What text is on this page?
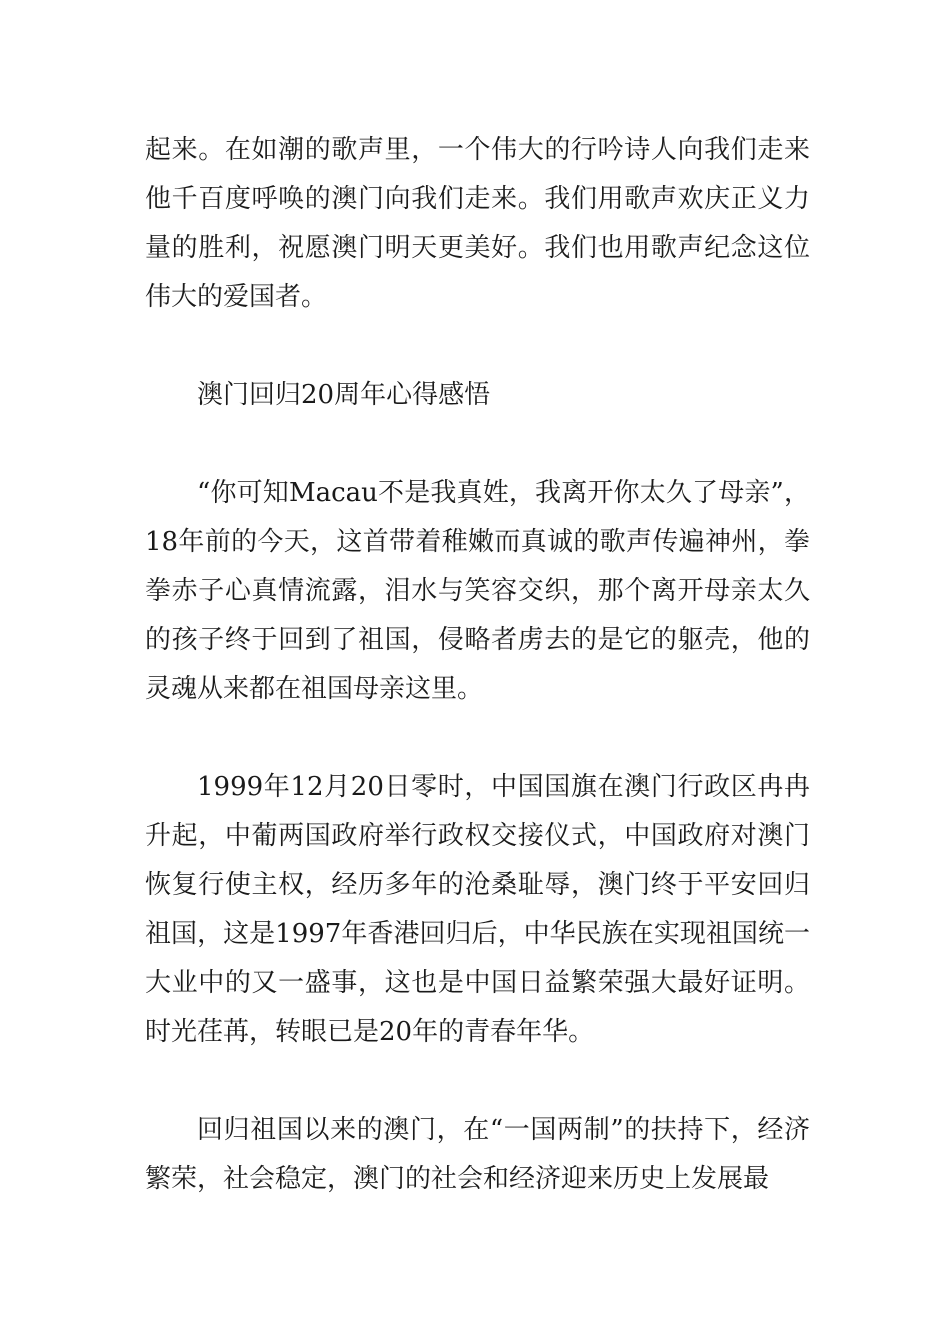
起来。在如潮的歌声里，一个伟大的行吟诗人向我们走来他千百度呼唤的澳门向我们走来。我们用歌声欢庆正义力量的胜利，祝愿澳门明天更美好。我们也用歌声纪念这位伟大的爱国者。

澳门回归20周年心得感悟

“你可知Macau不是我真姓，我离开你太久了母亲”，18年前的今天，这首带着稚嫩而真诚的歌声传遍神州，拳拳赤子心真情流露，泪水与笑容交织，那个离开母亲太久的孩子终于回到了祖国，侵略者虏去的是它的躯壳，他的灵魂从来都在祖国母亲这里。

1999年12月20日零时，中国国旗在澳门行政区冉冉升起，中葡两国政府举行政权交接仪式，中国政府对澳门恢复行使主权，经历多年的沧桑耻辱，澳门终于平安回归祖国，这是1997年香港回归后，中华民族在实现祖国统一大业中的又一盛事，这也是中国日益繁荣强大最好证明。时光荏苒，转眼已是20年的青春年华。

回归祖国以来的澳门，在“一国两制”的扶持下，经济繁荣，社会稳定，澳门的社会和经济迎来历史上发展最
